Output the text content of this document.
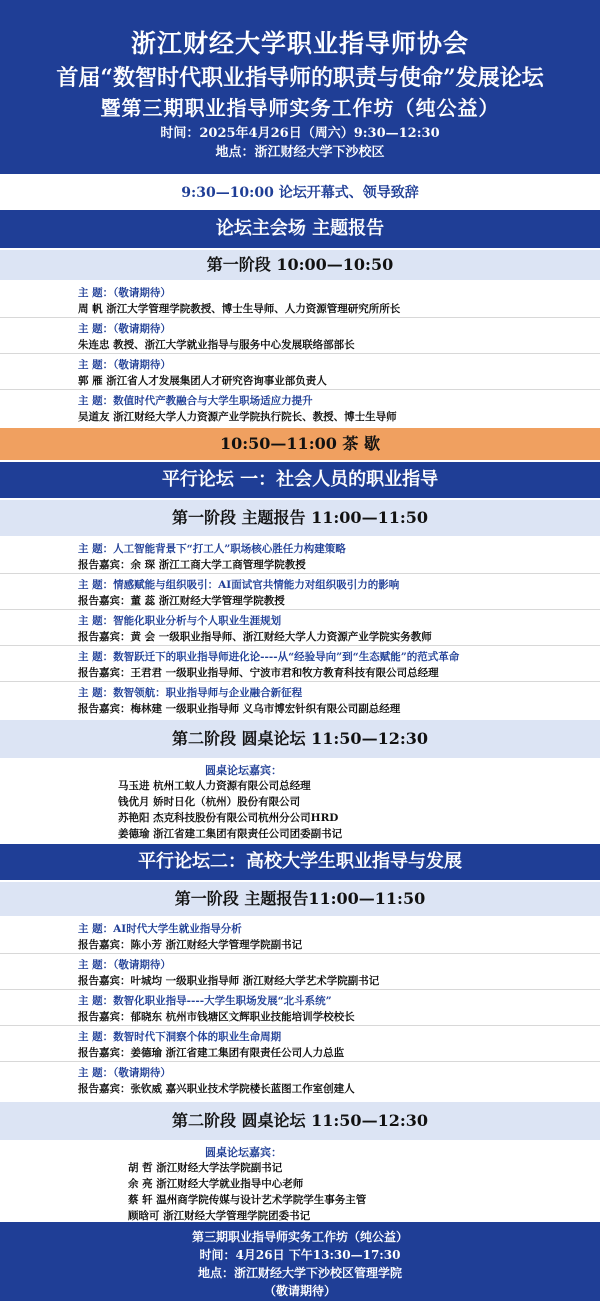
浙江财经大学职业指导师协会
首届“数智时代职业指导师的职责与使命”发展论坛
暨第三期职业指导师实务工作坊（纯公益）
时间：2025年4月26日（周六）9:30—12:30
地点：浙江财经大学下沙校区
9:30—10:00 论坛开幕式、领导致辞
论坛主会场 主题报告
第一阶段 10:00—10:50
主 题：（敬请期待）
周 帆 浙江大学管理学院教授、博士生导师、人力资源管理研究所所长
主 题：（敬请期待）
朱连忠 教授、浙江大学就业指导与服务中心发展联络部部长
主 题：（敬请期待）
郭 雁 浙江省人才发展集团人才研究咨询事业部负责人
主 题：数值时代产教融合与大学生职场适应力提升
吴道友 浙江财经大学人力资源产业学院执行院长、教授、博士生导师
10:50—11:00 茶 歇
平行论坛 一：社会人员的职业指导
第一阶段 主题报告 11:00—11:50
主 题：人工智能背景下“打工人”职场核心胜任力构建策略
报告嘉宾：余 琛 浙江工商大学工商管理学院教授
主 题：情感赋能与组织吸引：AI面试官共情能力对组织吸引力的影响
报告嘉宾：董 蕊 浙江财经大学管理学院教授
主 题：智能化职业分析与个人职业生涯规划
报告嘉宾：黄 会 一级职业指导师、浙江财经大学人力资源产业学院实务教师
主 题：数智跃迁下的职业指导师进化论----从“经验导向”到“生态赋能”的范式革命
报告嘉宾：王君君 一级职业指导师、宁波市君和牧方教育科技有限公司总经理
主 题：数智领航：职业指导师与企业融合新征程
报告嘉宾：梅林建 一级职业指导师 义乌市博宏针织有限公司副总经理
第二阶段 圆桌论坛 11:50—12:30
圆桌论坛嘉宾：
马玉进 杭州工蚁人力资源有限公司总经理
钱优月 娇时日化（杭州）股份有限公司
苏艳阳 杰克科技股份有限公司杭州分公司HRD
姜德瑜 浙江省建工集团有限责任公司团委副书记
平行论坛二：高校大学生职业指导与发展
第一阶段 主题报告11:00—11:50
主 题：AI时代大学生就业指导分析
报告嘉宾：陈小芳 浙江财经大学管理学院副书记
主 题：（敬请期待）
报告嘉宾：叶城均 一级职业指导师 浙江财经大学艺术学院副书记
主 题：数智化职业指导----大学生职场发展“北斗系统”
报告嘉宾：郁晓东 杭州市钱塘区文辉职业技能培训学校校长
主 题：数智时代下洞察个体的职业生命周期
报告嘉宾：姜德瑜 浙江省建工集团有限责任公司人力总监
主 题：（敬请期待）
报告嘉宾：张钦威 嘉兴职业技术学院楼长蓝图工作室创建人
第二阶段 圆桌论坛 11:50—12:30
圆桌论坛嘉宾：
胡 哲 浙江财经大学法学院副书记
余 亮 浙江财经大学就业指导中心老师
蔡 轩 温州商学院传媒与设计艺术学院学生事务主管
顾晗可 浙江财经大学管理学院团委书记
第三期职业指导师实务工作坊（纯公益）
时间：4月26日 下午13:30—17:30
地点：浙江财经大学下沙校区管理学院
（敬请期待）
